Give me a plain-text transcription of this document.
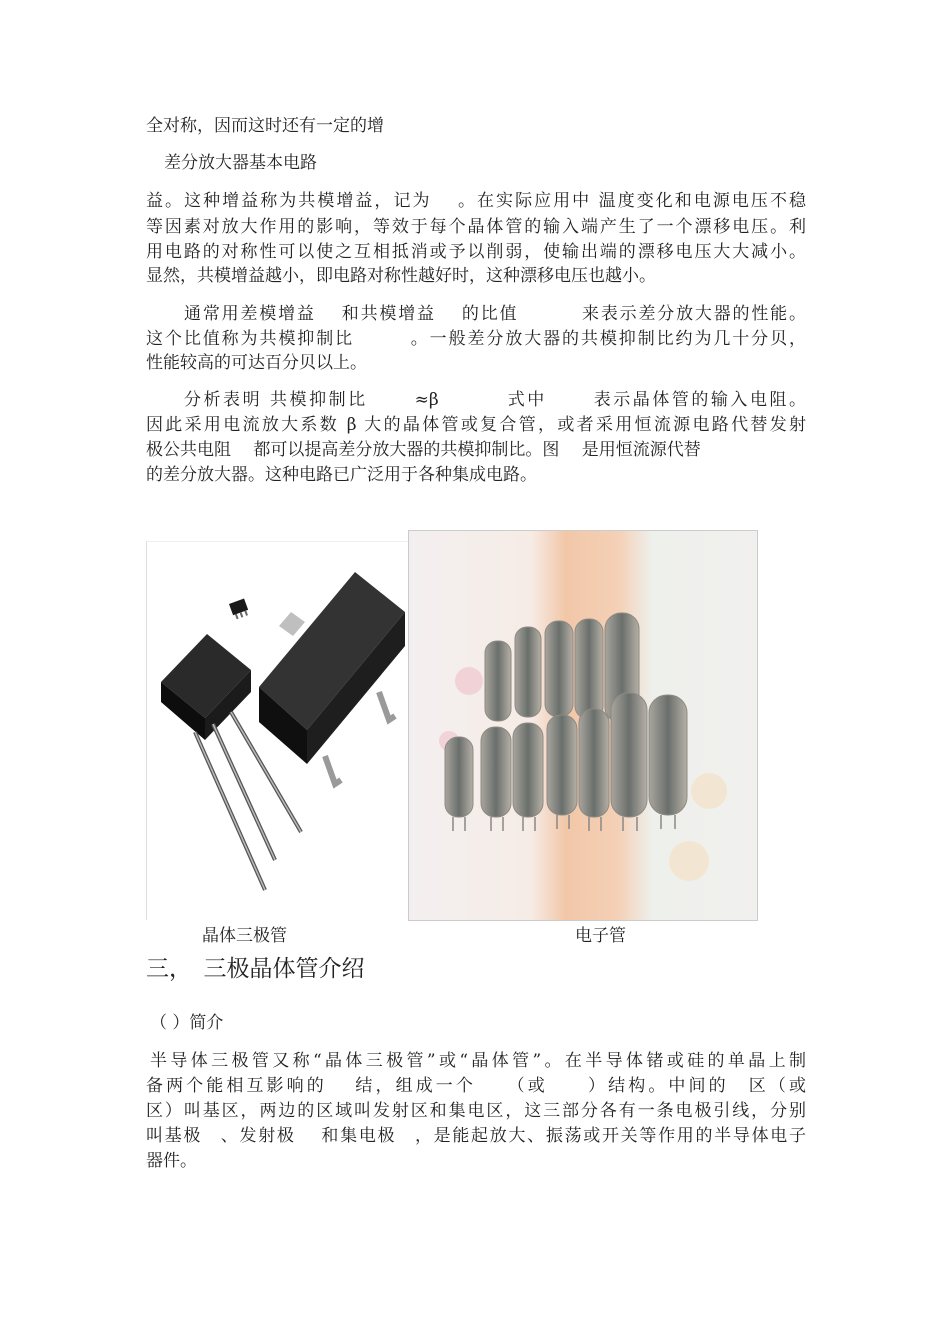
全对称，因而这时还有一定的增
差分放大器基本电路
益。这种增益称为共模增益，记为　 。在实际应用中 温度变化和电源电压不稳
等因素对放大作用的影响，等效于每个晶体管的输入端产生了一个漂移电压。利
用电路的对称性可以使之互相抵消或予以削弱，使输出端的漂移电压大大减小。
显然，共模增益越小，即电路对称性越好时，这种漂移电压也越小。
通常用差模增益　 和共模增益　 的比值　　　 来表示差分放大器的性能。
这个比值称为共模抑制比　　　。一般差分放大器的共模抑制比约为几十分贝，
性能较高的可达百分贝以上。
分析表明 共模抑制比　　 ≈β　　　 式中　　 表示晶体管的输入电阻。
因此采用电流放大系数 β 大的晶体管或复合管，或者采用恒流源电路代替发射
极公共电阻　 都可以提高差分放大器的共模抑制比。图　 是用恒流源代替
的差分放大器。这种电路已广泛用于各种集成电路。
晶体三极管	电子管
三，　三极晶体管介绍
（ ）简介
半导体三极管又称“晶体三极管”或“晶体管”。在半导体锗或硅的单晶上制
备两个能相互影响的　 结，组成一个　　（或　　）结构。中间的　区（或
区）叫基区，两边的区域叫发射区和集电区，这三部分各有一条电极引线，分别
叫基极　、发射极　 和集电极　，是能起放大、振荡或开关等作用的半导体电子
器件。
